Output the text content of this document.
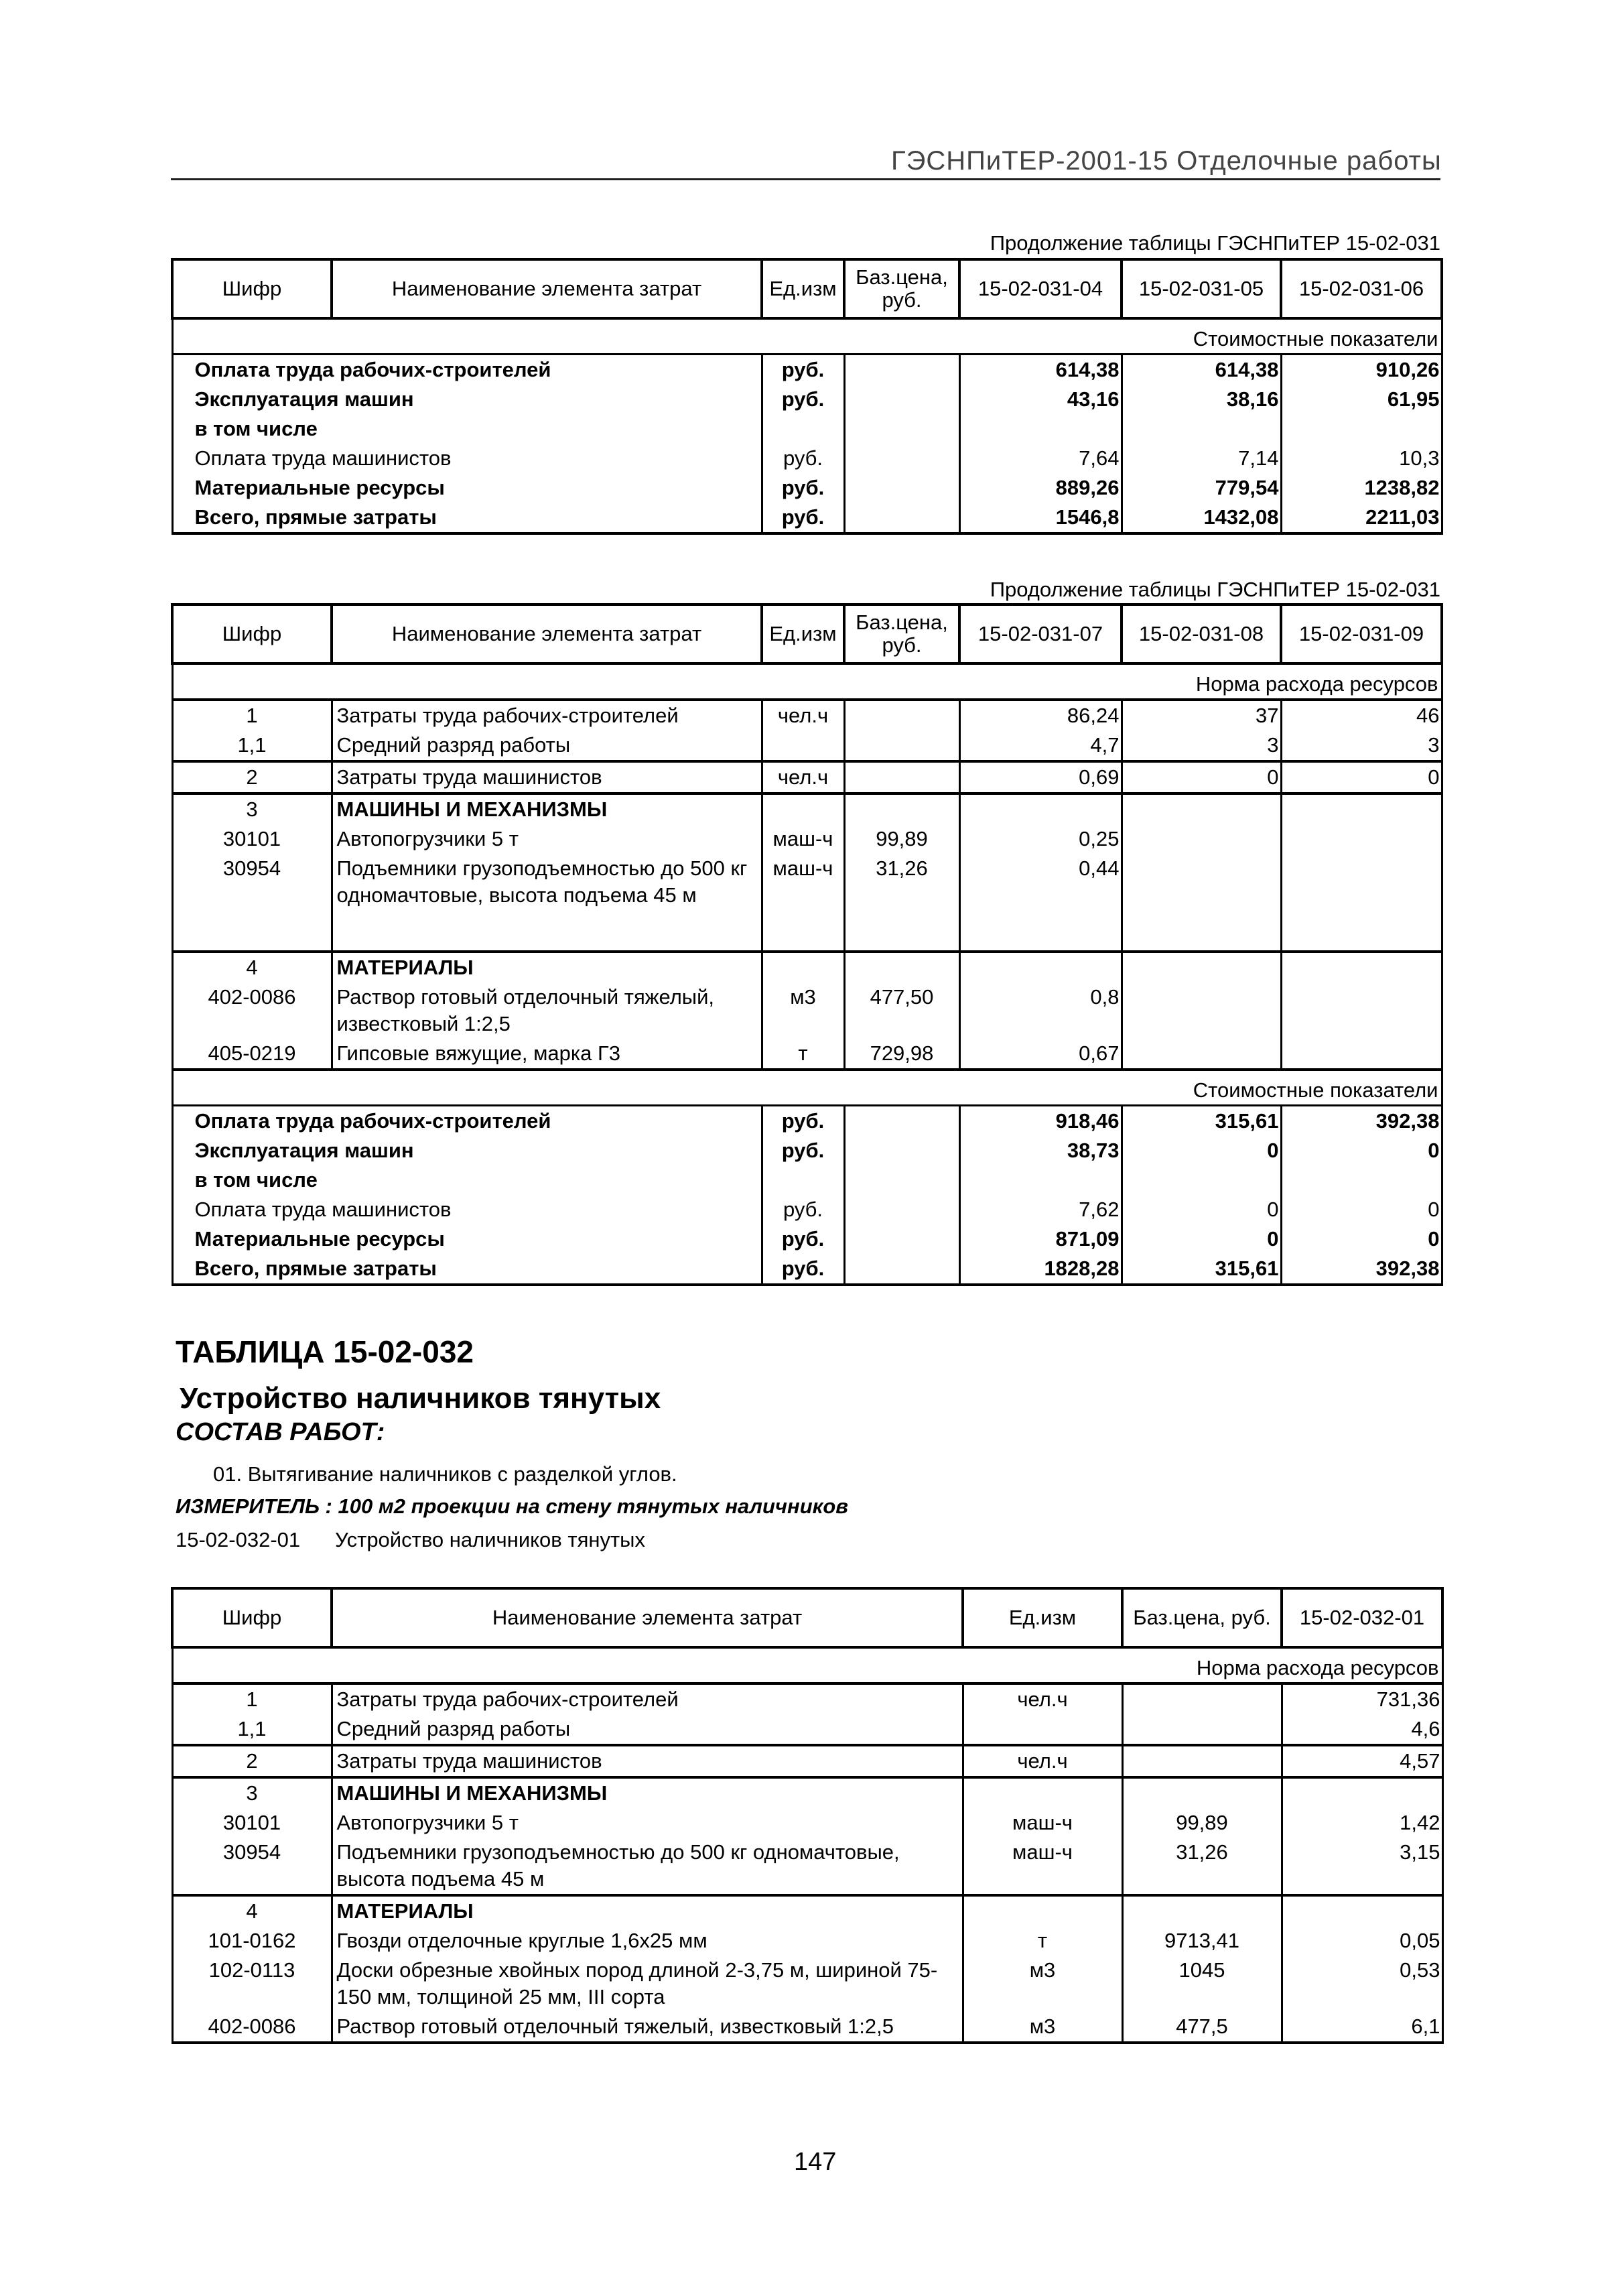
ГЭСНПиТЕР-2001-15 Отделочные работы
Продолжение таблицы ГЭСНПиТЕР 15-02-031
Шифр	Наименование элемента затрат	Ед.изм	Баз.цена, руб.	15-02-031-04	15-02-031-05	15-02-031-06
Стоимостные показатели						
Оплата труда рабочих-строителей		руб.		614,38	614,38	910,26
Эксплуатация машин		руб.		43,16	38,16	61,95
в том числе						
Оплата труда машинистов		руб.		7,64	7,14	10,3
Материальные ресурсы		руб.		889,26	779,54	1238,82
Всего, прямые затраты		руб.		1546,8	1432,08	2211,03
Продолжение таблицы ГЭСНПиТЕР 15-02-031
Шифр	Наименование элемента затрат	Ед.изм	Баз.цена, руб.	15-02-031-07	15-02-031-08	15-02-031-09
Норма расхода ресурсов						
1	Затраты труда рабочих-строителей	чел.ч		86,24	37	46
1,1	Средний разряд работы			4,7	3	3
2	Затраты труда машинистов	чел.ч		0,69	0	0
3	МАШИНЫ И МЕХАНИЗМЫ					
30101	Автопогрузчики 5 т	маш-ч	99,89	0,25		
30954	Подъемники грузоподъемностью до 500 кг одномачтовые, высота подъема 45 м	маш-ч	31,26	0,44		

4	МАТЕРИАЛЫ					
402-0086	Раствор готовый отделочный тяжелый, известковый 1:2,5	м3	477,50	0,8		
405-0219	Гипсовые вяжущие, марка Г3	т	729,98	0,67		
Стоимостные показатели						
Оплата труда рабочих-строителей		руб.		918,46	315,61	392,38
Эксплуатация машин		руб.		38,73	0	0
в том числе						
Оплата труда машинистов		руб.		7,62	0	0
Материальные ресурсы		руб.		871,09	0	0
Всего, прямые затраты		руб.		1828,28	315,61	392,38
ТАБЛИЦА 15-02-032
Устройство наличников тянутых
СОСТАВ РАБОТ:
01. Вытягивание наличников с разделкой углов.
ИЗМЕРИТЕЛЬ : 100 м2 проекции на стену тянутых наличников
15-02-032-01 Устройство наличников тянутых
Шифр	Наименование элемента затрат	Ед.изм	Баз.цена, руб.	15-02-032-01
Норма расхода ресурсов				
1	Затраты труда рабочих-строителей	чел.ч		731,36
1,1	Средний разряд работы			4,6
2	Затраты труда машинистов	чел.ч		4,57
3	МАШИНЫ И МЕХАНИЗМЫ			
30101	Автопогрузчики 5 т	маш-ч	99,89	1,42
30954	Подъемники грузоподъемностью до 500 кг одномачтовые, высота подъема 45 м	маш-ч	31,26	3,15
4	МАТЕРИАЛЫ			
101-0162	Гвозди отделочные круглые 1,6х25 мм	т	9713,41	0,05
102-0113	Доски обрезные хвойных пород длиной 2-3,75 м, шириной 75-150 мм, толщиной 25 мм, III сорта	м3	1045	0,53
402-0086	Раствор готовый отделочный тяжелый, известковый 1:2,5	м3	477,5	6,1
147
